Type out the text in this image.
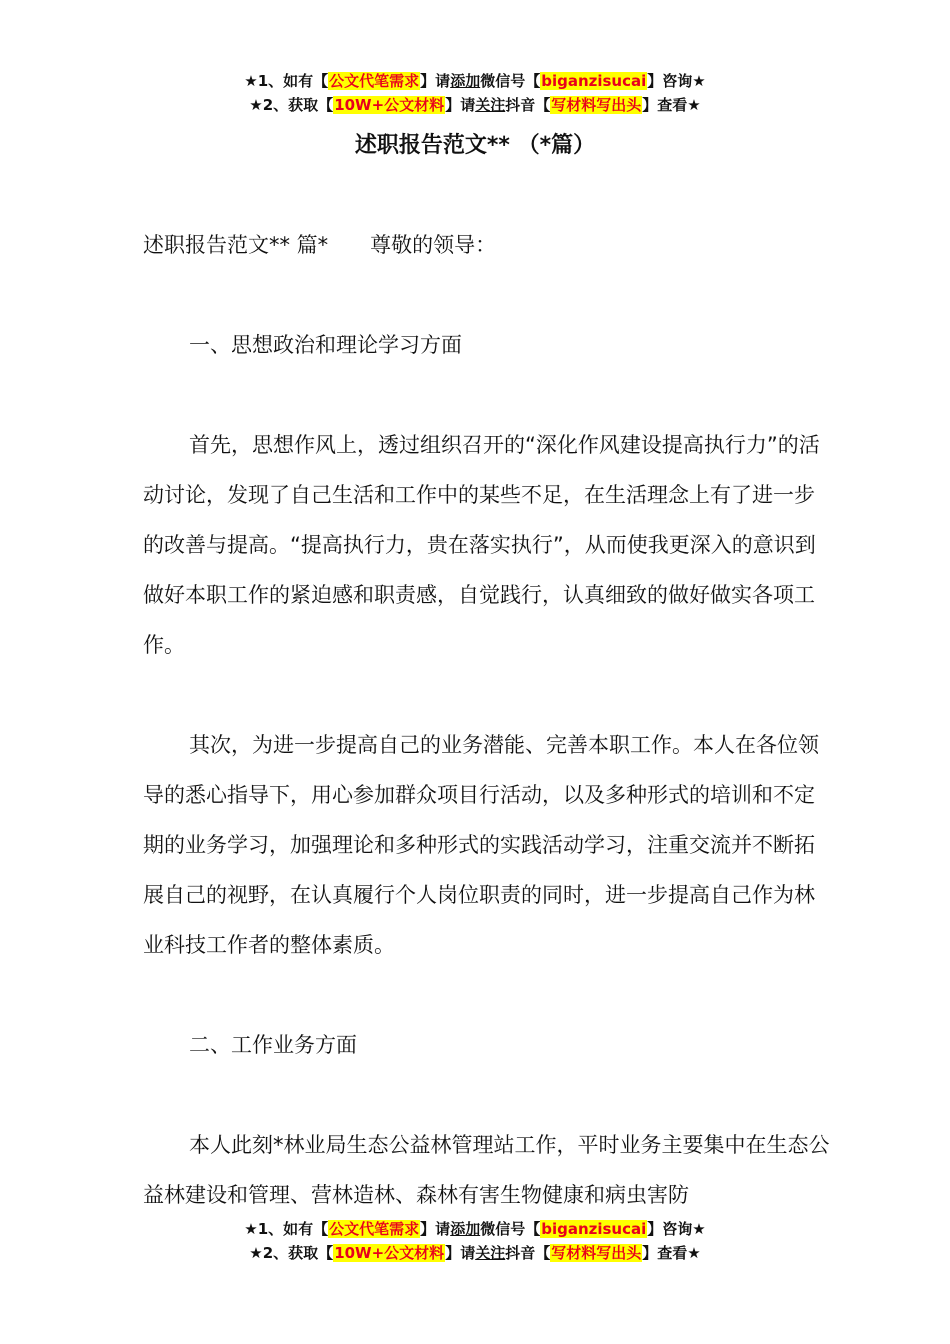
★1、如有【公文代笔需求】请添加微信号【biganzisucai】咨询★
★2、获取【10W+公文材料】请关注抖音【写材料写出头】查看★
述职报告范文** （*篇）

述职报告范文** 篇*　　尊敬的领导：

一、思想政治和理论学习方面

首先，思想作风上，透过组织召开的“深化作风建设提高执行力”的活动讨论，发现了自己生活和工作中的某些不足，在生活理念上有了进一步的改善与提高。“提高执行力，贵在落实执行”，从而使我更深入的意识到做好本职工作的紧迫感和职责感，自觉践行，认真细致的做好做实各项工作。

其次，为进一步提高自己的业务潜能、完善本职工作。本人在各位领导的悉心指导下，用心参加群众项目行活动，以及多种形式的培训和不定期的业务学习，加强理论和多种形式的实践活动学习，注重交流并不断拓展自己的视野，在认真履行个人岗位职责的同时，进一步提高自己作为林业科技工作者的整体素质。

二、工作业务方面

本人此刻*林业局生态公益林管理站工作，平时业务主要集中在生态公益林建设和管理、营林造林、森林有害生物健康和病虫害防

★1、如有【公文代笔需求】请添加微信号【biganzisucai】咨询★
★2、获取【10W+公文材料】请关注抖音【写材料写出头】查看★
